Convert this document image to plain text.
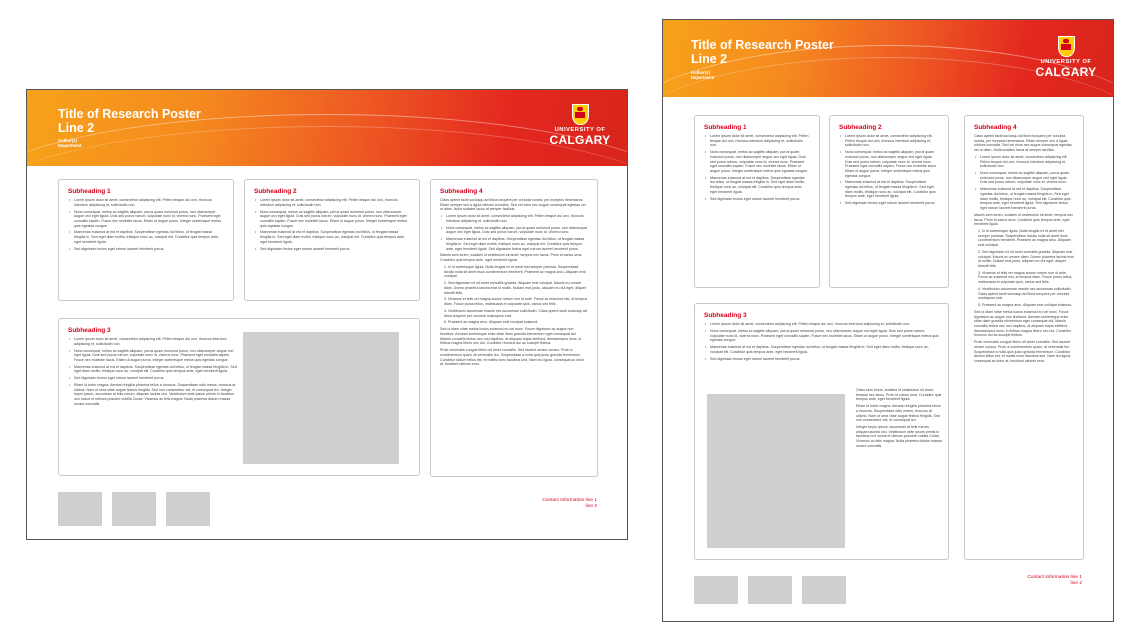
Title of Research Poster
Line 2
Author(s)
Department
UNIVERSITY OF
CALGARY
Subheading 1
• Lorem ipsum dolor sit amet, consectetur adipiscing elit. Pellen tesque dui orci, rhoncus interdum adipiscing et, sollicitudin non.
• Nunc consequat, metus ac sagittis aliquam, purus quam euismod purus, non ullamcorper augue orci eget ligula. Duis sed purus rutrum, vulputate nunc id, viverra nunc. Praesent eget convallis sapien. Fusce nec molestie lacus. Etiam ut augue purus. Integer scelerisque metus quis egestas congue.
• Maecenas euismod at est et dapibus. Suspendisse egestas dui tellus, ut feugiat massa fringilla in. Sed eget diam mollis, tristique nunc ac, volutpat elit. Curabitur quis tempus ante, eget hendrerit ligula.
• Sed dignissim lectus eget rutrum laoreet hendrerit purus.
Subheading 2
• Lorem ipsum dolor sit amet, consectetur adipiscing elit. Pellen tesque dui orci, rhoncus interdum adipiscing et, sollicitudin non.
• Nunc consequat, metus ac sagittis aliquam, purus quam euismod purus, non ullamcorper augue orci eget ligula. Duis sed purus rutrum, vulputate nunc id, viverra nunc. Praesent eget convallis sapien. Fusce nec molestie lacus. Etiam ut augue purus. Integer scelerisque metus quis egestas congue.
• Maecenas euismod at est et dapibus. Suspendisse egestas dui tellus, ut feugiat massa fringilla in. Sed eget diam mollis, tristique nunc ac, volutpat elit. Curabitur quis tempus ante, eget hendrerit ligula.
• Sed dignissim lectus eget rutrum laoreet hendrerit purus.
Subheading 4

Class aptent taciti sociosqu ad litora torquent per conubia nostra, per inceptos himenaeos. Etiam semper orci a ligula ultrices convallis. Sed vel risus nec augue consequat egestas vel ut diam. Nulla sodales lacus at semper facilisis.

• Lorem ipsum dolor sit amet, consectetur adipiscing elit. Pellen tesque dui orci, rhoncus interdum adipiscing et, sollicitudin non.
• Nunc consequat, metus ac sagittis aliquam, purus quam euismod purus, non ullamcorper augue orci eget ligula. Duis sed purus rutrum, vulputate nunc id, viverra nunc.
• Maecenas euismod at est et dapibus. Suspendisse egestas dui tellus, ut feugiat massa fringilla in. Sed eget diam mollis, tristique nunc ac, volutpat elit. Curabitur quis tempus ante, eget hendrerit ligula. Sed dignissim lectus eget rutrum laoreet hendrerit purus.

Mauris sem lorem, sodales id vestibulum sit amet, tempus nec lacus. Proin id varius urna. Curabitur quis tempus ante, eget hendrerit ligula.

1. In id scelerisque ligula. Nulla feugiat mi et amet nisl semper pulvinar. Suspendisse iaculis nulla sit amet risus condimentum hendrerit. Praesent ac magna arcu. Aliquam erat volutpat.
2. Sed dignissim mi sit amet convallis gravida. Aliquam erat volutpat. Mauris eu ornare diam. Donec pharetra lacinia erat id mollis. Nullam erat justo, aliquam eu dui eget, aliquet blandit felis.
3. Vivamus et felis vel magna auctor rutrum non id ante. Fusce ac euismod nisi, at tempus diam. Fusce purus tellus, malesuada et vulputate quis, varius sed felis.
4. Vestibulum accumsan mauris nec accumsan sollicitudin. Class aptent taciti sociosqu ad litora torquent per conubia nostraprus erat.
5. Praesent ac magna arcu. Aliquam erat volutpat euismod.

Sed ut diam vitae metus luctus euismod eu vel nunc. Fusce dignissim ac augue non tincidunt. Aenean scelerisque enim vitae diam gravida elementum eget consequat dui. Mauris convallis lectus nec orci dapibus, at aliquam turpis eleifend. Aeneaempus risus, in finibus magna libero nec dui. Curabitur rhoncus dui ac suscipit finibus.

Proin venenatis congue libero sit amet convallis. Sed laoreet ornare cursus. Proin a condimentum quam, at venenatis leo. Suspendisse a nulla quis justo gravida fermentum. Curabitur dictum tellus est, et mattis nunc faucibus sed. Nam leo ligula, consequat ac dolor at, tincidunt ultrices eros.

Subheading 3
• Lorem ipsum dolor sit amet, consectetur adipiscing elit. Pellen tesque dui orci, rhoncus interdum adipiscing et, sollicitudin non.
• Nunc consequat, metus ac sagittis aliquam, purus quam euismod purus, non ullamcorper augue orci eget ligula. Duis sed purus rutrum, vulputate nunc id, viverra nunc. Praesent eget convallis sapien. Fusce nec molestie lacus. Etiam ut augue purus. Integer scelerisque metus quis egestas congue.
• Maecenas euismod at est et dapibus. Suspendisse egestas dui tellus, ut feugiat massa fringilla in. Sed eget diam mollis, tristique nunc ac, volutpat elit. Curabitur quis tempus ante, eget hendrerit ligula.
• Sed dignissim lectus eget rutrum laoreet hendrerit purus.
• Etiam id tortor magna. Aenean fringilla pharetra tellus a rhoncus. Suspendisse odio metus, rhoncus at ullams. Nam ut urna vitae augue finibus fringilla. Sed non consectetur est, et consequat leo. Integer turpis ipsum, accumsan at felis rutrum, aliquam lacinia orci. Vestibulum ante ipsum primis in faucibus orci luctus et ultrices posuere cubilia Curae; Vivamus ac felis magna. Nulla pharetra dictum massa ornare convallis.
Contact Information line 1
line 2
Title of Research Poster
Line 2
Author(s)
Department
UNIVERSITY OF
CALGARY
Subheading 1
• Lorem ipsum dolor sit amet, consectetur adipiscing elit. Pellen tesque dui orci, rhoncus interdum adipiscing et, sollicitudin non.
• Nunc consequat, metus ac sagittis aliquam, purus quam euismod purus, non ullamcorper augue orci eget ligula. Duis sed purus rutrum, vulputate nunc id, viverra nunc. Praesent eget convallis sapien. Fusce nec molestie lacus. Etiam ut augue purus. Integer scelerisque metus quis egestas congue.
• Maecenas euismod at est et dapibus. Suspendisse egestas dui tellus, ut feugiat massa fringilla in. Sed eget diam mollis, tristique nunc ac, volutpat elit. Curabitur quis tempus ante, eget hendrerit ligula.
• Sed dignissim lectus eget rutrum laoreet hendrerit purus.
Subheading 2
• Lorem ipsum dolor sit amet, consectetur adipiscing elit. Pellen tesque dui orci, rhoncus interdum adipiscing et, sollicitudin non.
• Nunc consequat, metus ac sagittis aliquam, purus quam euismod purus, non ullamcorper augue orci eget ligula. Duis sed purus rutrum, vulputate nunc id, viverra nunc. Praesent eget convallis sapien. Fusce nec molestie lacus. Etiam ut augue purus. Integer scelerisque metus quis egestas congue.
• Maecenas euismod at est et dapibus. Suspendisse egestas dui tellus, ut feugiat massa fringilla in. Sed eget diam mollis, tristique nunc ac, volutpat elit. Curabitur quis tempus ante, eget hendrerit ligula.
• Sed dignissim lectus eget rutrum laoreet hendrerit purus.
Subheading 4

Class aptent taciti sociosqu ad litora torquent per conubia nostra, per inceptos himenaeos. Etiam semper orci a ligula ultrices convallis. Sed vel risus nec augue consequat egestas vel ut diam. Nulla sodales lacus at semper facilisis.

• Lorem ipsum dolor sit amet, consectetur adipiscing elit. Pellen tesque dui orci, rhoncus interdum adipiscing et, sollicitudin non.
• Nunc consequat, metus ac sagittis aliquam, purus quam euismod purus, non ullamcorper augue orci eget ligula. Duis sed purus rutrum, vulputate nunc id, viverra nunc.
• Maecenas euismod at est et dapibus. Suspendisse egestas dui tellus, ut feugiat massa fringilla in. Sed eget diam mollis, tristique nunc ac, volutpat elit. Curabitur quis tempus ante, eget hendrerit ligula. Sed dignissim lectus eget rutrum laoreet hendrerit purus.

Mauris sem lorem, sodales id vestibulum sit amet, tempus nec lacus. Proin id varius urna. Curabitur quis tempus ante, eget hendrerit ligula.

1. In id scelerisque ligula. Nulla feugiat mi et amet nisl semper pulvinar. Suspendisse iaculis nulla sit amet risus condimentum hendrerit. Praesent ac magna arcu. Aliquam erat volutpat.
2. Sed dignissim mi sit amet convallis gravida. Aliquam erat volutpat. Mauris eu ornare diam. Donec pharetra lacinia erat id mollis. Nullam erat justo, aliquam eu dui eget, aliquet blandit felis.
3. Vivamus et felis vel magna auctor rutrum non id ante. Fusce ac euismod nisi, at tempus diam. Fusce purus tellus, malesuada et vulputate quis, varius sed felis.
4. Vestibulum accumsan mauris nec accumsan sollicitudin. Class aptent taciti sociosqu ad litora torquent per conubia nostraprus erat.
5. Praesent ac magna arcu. Aliquam erat volutpat euismod.

Sed ut diam vitae metus luctus euismod eu vel nunc. Fusce dignissim ac augue non tincidunt. Aenean scelerisque enim vitae diam gravida elementum eget consequat dui. Mauris convallis lectus nec orci dapibus, at aliquam turpis eleifend. Aeneaempus risus, in finibus magna libero nec dui. Curabitur rhoncus dui ac suscipit finibus.

Proin venenatis congue libero sit amet convallis. Sed laoreet ornare cursus. Proin a condimentum quam, at venenatis leo. Suspendisse a nulla quis justo gravida fermentum. Curabitur dictum tellus est, et mattis nunc faucibus sed. Nam leo ligula, consequat ac dolor at, tincidunt ultrices eros.

Subheading 3
• Lorem ipsum dolor sit amet, consectetur adipiscing elit. Pellen tesque dui orci, rhoncus interdum adipiscing et, sollicitudin non.
• Nunc consequat, metus ac sagittis aliquam, purus quam euismod purus, non ullamcorper augue orci eget ligula. Duis sed purus rutrum, vulputate nunc id, viverra nunc. Praesent eget convallis sapien. Fusce nec molestie lacus. Etiam ut augue purus. Integer scelerisque metus quis egestas congue.
• Maecenas euismod at est et dapibus. Suspendisse egestas dui tellus, ut feugiat massa fringilla in. Sed eget diam mollis, tristique nunc ac, volutpat elit. Curabitur quis tempus ante, eget hendrerit ligula.
• Sed dignissim lectus eget rutrum laoreet hendrerit purus.

Class sem lorem, sodales id vestibulum sit amet, tempus nec lacus. Proin id varius urna. Curabitur quis tempus ante, eget hendrerit ligula.

Etiam id tortor magna. Aenean fringilla pharetra tellus a rhoncus. Suspendisse odio metus, rhoncus at ullams. Nam ut urna vitae augue finibus fringilla. Sed non consectetur est, et consequat leo.

Integer turpis ipsum, accumsan at felis rutrum, aliquam lacinia orci. Vestibulum ante ipsum primis in faucibus orci luctus et ultrices posuere cubilia Curae; Vivamus ac felis magna. Nulla pharetra dictum massa ornare convallis.

Contact Information line 1
line 2
